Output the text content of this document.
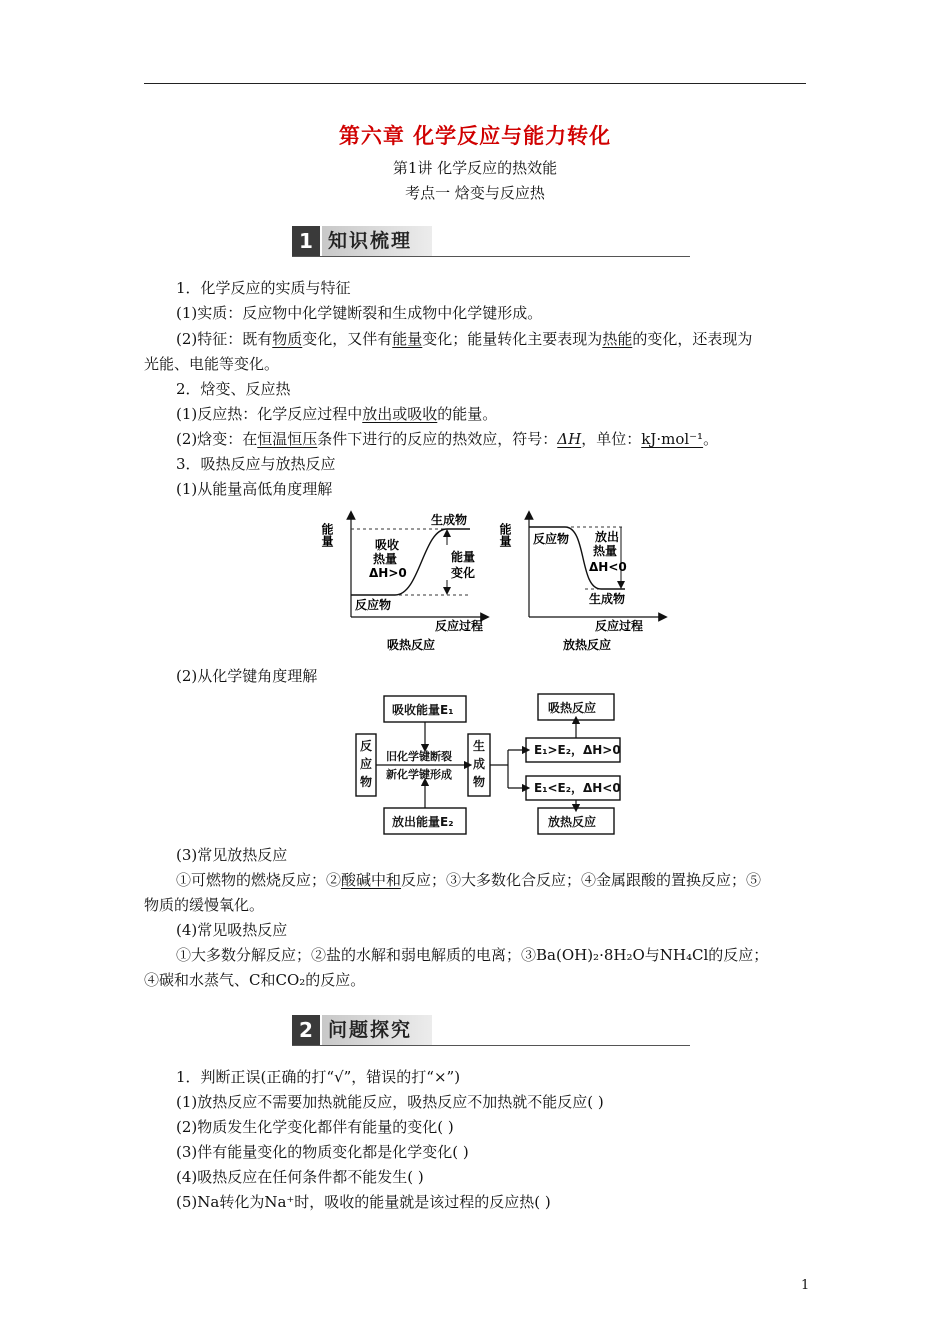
第六章 化学反应与能力转化
第1讲 化学反应的热效能
考点一 焓变与反应热
1 知识梳理
1．化学反应的实质与特征
(1)实质：反应物中化学键断裂和生成物中化学键形成。
(2)特征：既有物质变化，又伴有能量变化；能量转化主要表现为热能的变化，还表现为
光能、电能等变化。
2．焓变、反应热
(1)反应热：化学反应过程中放出或吸收的能量。
(2)焓变：在恒温恒压条件下进行的反应的热效应，符号：ΔH，单位：kJ·mol⁻¹。
3．吸热反应与放热反应
(1)从能量高低角度理解
能量
生成物
反应物
吸收
热量
ΔH>0
能量
变化
反应过程
吸热反应
能量 反应物
生成物
放出
热量
ΔH<0
反应过程
放热反应
(2)从化学键角度理解
吸收能量E₁
放出能量E₂
反
应
物
生
成
物
旧化学键断裂
新化学键形成
E₁>E₂，ΔH>0
E₁<E₂，ΔH<0
吸热反应
放热反应
(3)常见放热反应
①可燃物的燃烧反应；②酸碱中和反应；③大多数化合反应；④金属跟酸的置换反应；⑤
物质的缓慢氧化。
(4)常见吸热反应
①大多数分解反应；②盐的水解和弱电解质的电离；③Ba(OH)₂·8H₂O与NH₄Cl的反应；
④碳和水蒸气、C和CO₂的反应。
2 问题探究
1．判断正误(正确的打“√”，错误的打“×”)
(1)放热反应不需要加热就能反应，吸热反应不加热就不能反应( )
(2)物质发生化学变化都伴有能量的变化( )
(3)伴有能量变化的物质变化都是化学变化( )
(4)吸热反应在任何条件都不能发生( )
(5)Na转化为Na⁺时，吸收的能量就是该过程的反应热( )
1
